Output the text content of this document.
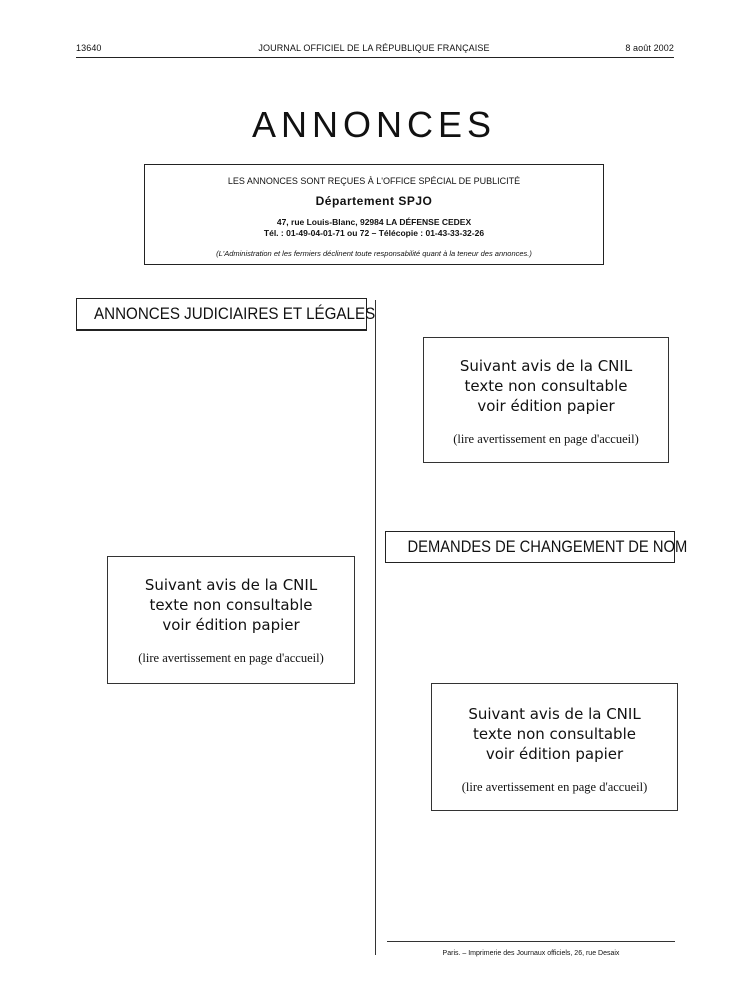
13640	JOURNAL OFFICIEL DE LA RÉPUBLIQUE FRANÇAISE	8 août 2002
ANNONCES
LES ANNONCES SONT REÇUES À L'OFFICE SPÉCIAL DE PUBLICITÉ
Département SPJO
47, rue Louis-Blanc, 92984 LA DÉFENSE CEDEX
Tél. : 01-49-04-01-71 ou 72 – Télécopie : 01-43-33-32-26
(L'Administration et les fermiers déclinent toute responsabilité quant à la teneur des annonces.)
ANNONCES JUDICIAIRES ET LÉGALES
Suivant avis de la CNIL
texte non consultable
voir édition papier
(lire avertissement en page d'accueil)
DEMANDES DE CHANGEMENT DE NOM
Suivant avis de la CNIL
texte non consultable
voir édition papier
(lire avertissement en page d'accueil)
Suivant avis de la CNIL
texte non consultable
voir édition papier
(lire avertissement en page d'accueil)
Paris. – Imprimerie des Journaux officiels, 26, rue Desaix
